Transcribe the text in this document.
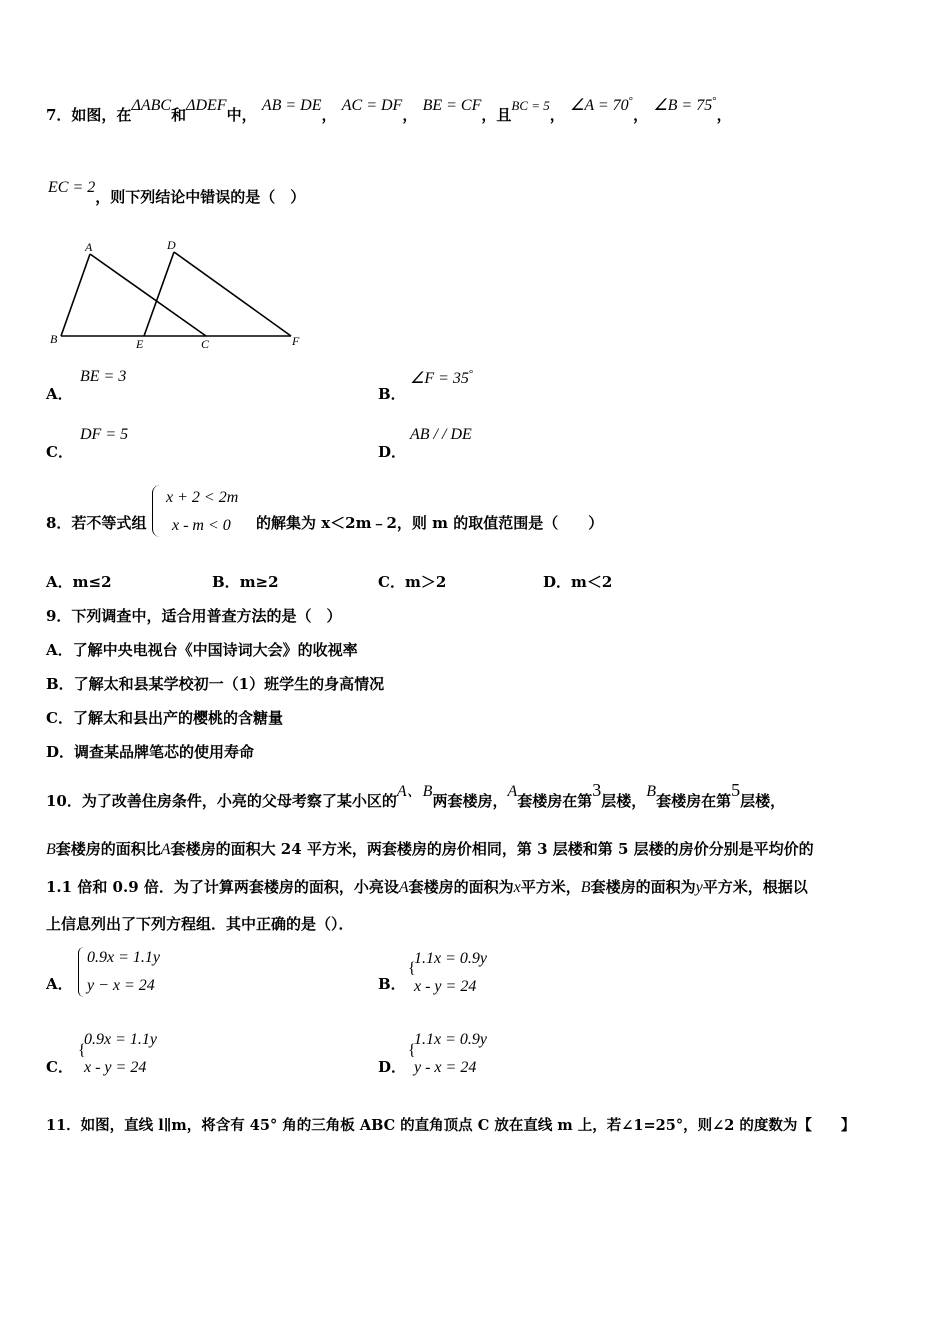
7．如图，在ΔABC和ΔDEF中， AB = DE， AC = DF， BE = CF，且BC = 5， ∠A = 70°， ∠B = 75°，
EC = 2，则下列结论中错误的是（　）
A	D
B	E	C	F
A．
BE = 3
B．
∠F = 35°
C．
DF = 5
D．
AB / / DE
8．若不等式组
x + 2 < 2m
x - m < 0	的解集为 x＜2m﹣2，则 m 的取值范围是（　　）
A．m≤2	B．m≥2	C．m＞2	D．m＜2
9．下列调查中，适合用普查方法的是（　）
A．了解中央电视台《中国诗词大会》的收视率
B．了解太和县某学校初一（1）班学生的身高情况
C．了解太和县出产的樱桃的含糖量
D．调查某品牌笔芯的使用寿命
10．为了改善住房条件，小亮的父母考察了某小区的A、B两套楼房，A套楼房在第3层楼，B套楼房在第5层楼，
B套楼房的面积比A套楼房的面积大 24 平方米，两套楼房的房价相同，第 3 层楼和第 5 层楼的房价分别是平均价的
1.1 倍和 0.9 倍．为了计算两套楼房的面积，小亮设A套楼房的面积为x平方米，B套楼房的面积为y平方米，根据以
上信息列出了下列方程组．其中正确的是（）．
A．
0.9x = 1.1y
y − x = 24	B．
{
1.1x = 0.9y
x - y = 24
C．
{
0.9x = 1.1y
x - y = 24	D．
{
1.1x = 0.9y
y - x = 24
11．如图，直线 l∥m，将含有 45° 角的三角板 ABC 的直角顶点 C 放在直线 m 上，若∠1=25°，则∠2 的度数为【　　】
